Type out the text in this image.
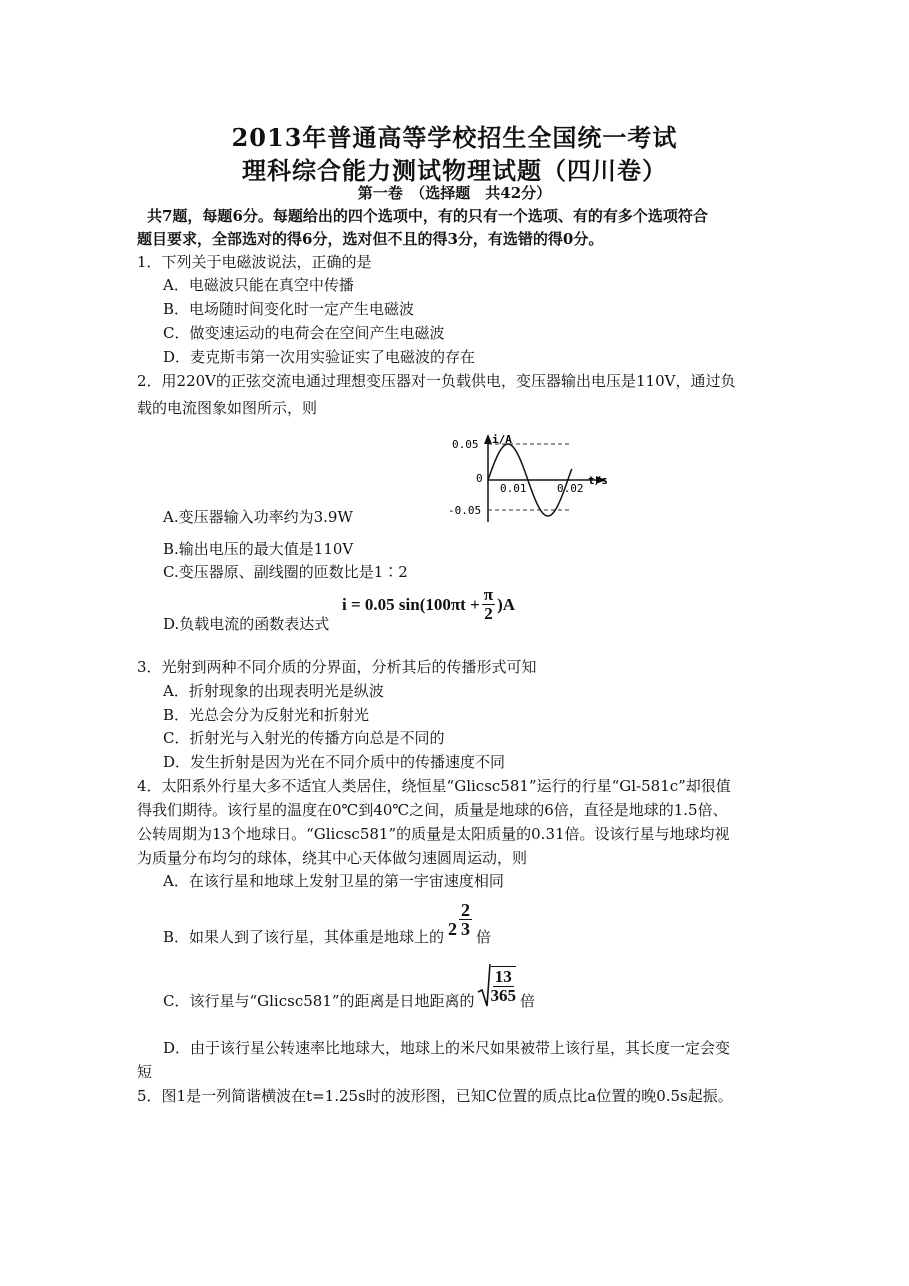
2013年普通高等学校招生全国统一考试
理科综合能力测试物理试题（四川卷）
第一卷　（选择题　共42分）
共7题，每题6分。每题给出的四个选项中，有的只有一个选项、有的有多个选项符合
题目要求，全部选对的得6分，选对但不且的得3分，有选错的得0分。
1．下列关于电磁波说法，正确的是
A．电磁波只能在真空中传播
B．电场随时间变化时一定产生电磁波
C．做变速运动的电荷会在空间产生电磁波
D．麦克斯韦第一次用实验证实了电磁波的存在
2．用220V的正弦交流电通过理想变压器对一负载供电，变压器输出电压是110V，通过负
载的电流图象如图所示，则
i/A
t/s
0.05
0
-0.05
0.01	0.02
A.变压器输入功率约为3.9W
B.输出电压的最大值是110V
C.变压器原、副线圈的匝数比是1∶2
i = 0.05 $\sin(100\pi t + \frac{\pi}{2} )A$
D.负载电流的函数表达式
3．光射到两种不同介质的分界面，分析其后的传播形式可知
A．折射现象的出现表明光是纵波
B．光总会分为反射光和折射光
C．折射光与入射光的传播方向总是不同的
D．发生折射是因为光在不同介质中的传播速度不同
4．太阳系外行星大多不适宜人类居住，绕恒星“Glicsc581”运行的行星“Gl-581c”却很值
得我们期待。该行星的温度在0℃到40℃之间，质量是地球的6倍，直径是地球的1.5倍、
公转周期为13个地球日。“Glicsc581”的质量是太阳质量的0.31倍。设该行星与地球均视
为质量分布均匀的球体，绕其中心天体做匀速圆周运动，则
A．在该行星和地球上发射卫星的第一宇宙速度相同
B．如果人到了该行星，其体重是地球上的 $2 \frac{2}{3}$ 倍
C．该行星与“Glicsc581”的距离是日地距离的 $\frac{13}{365}$ 倍
D．由于该行星公转速率比地球大，地球上的米尺如果被带上该行星，其长度一定会变
短
5．图1是一列简谐横波在t=1.25s时的波形图，已知C位置的质点比a位置的晚0.5s起振。
